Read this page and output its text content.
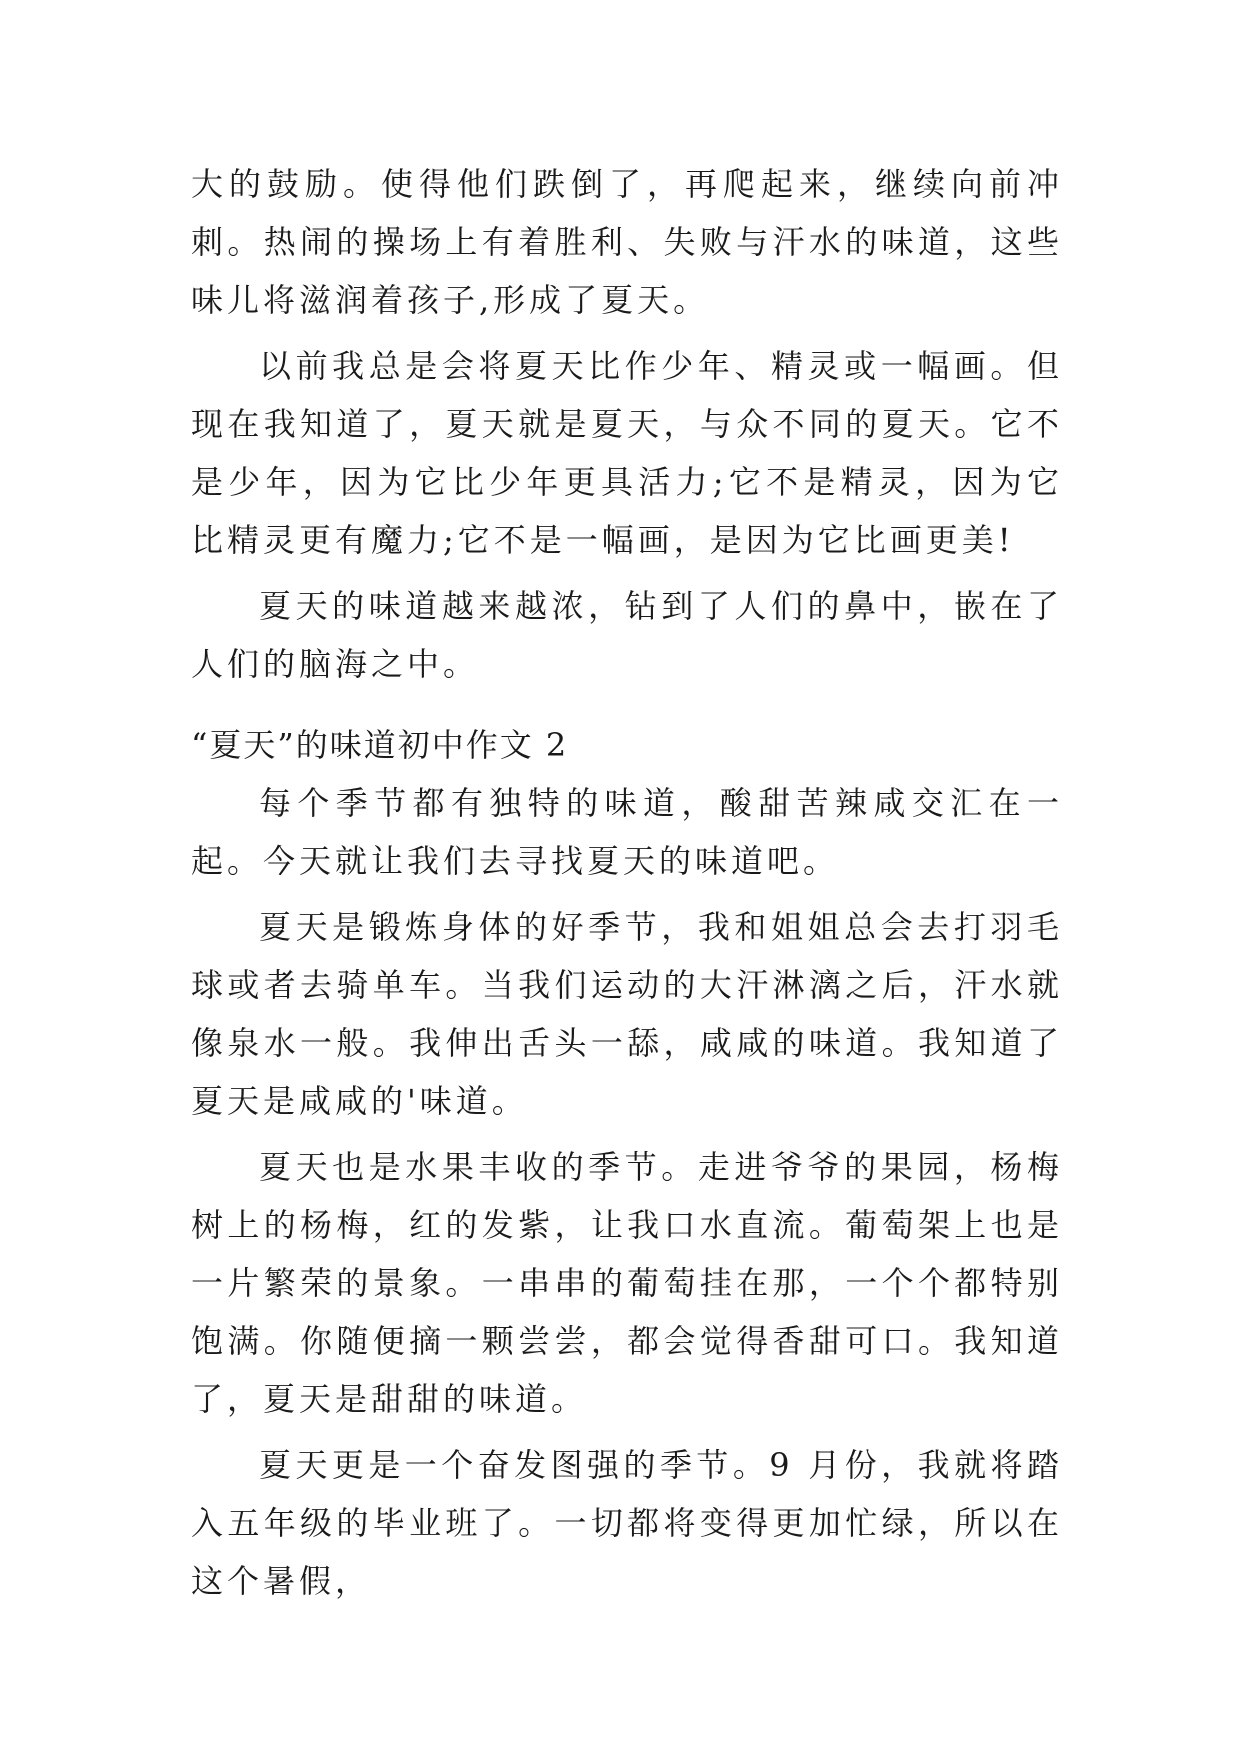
大的鼓励。使得他们跌倒了，再爬起来，继续向前冲刺。热闹的操场上有着胜利、失败与汗水的味道，这些味儿将滋润着孩子,形成了夏天。

以前我总是会将夏天比作少年、精灵或一幅画。但现在我知道了，夏天就是夏天，与众不同的夏天。它不是少年，因为它比少年更具活力;它不是精灵，因为它比精灵更有魔力;它不是一幅画，是因为它比画更美!

夏天的味道越来越浓，钻到了人们的鼻中，嵌在了人们的脑海之中。

“夏天”的味道初中作文 2

每个季节都有独特的味道，酸甜苦辣咸交汇在一起。今天就让我们去寻找夏天的味道吧。

夏天是锻炼身体的好季节，我和姐姐总会去打羽毛球或者去骑单车。当我们运动的大汗淋漓之后，汗水就像泉水一般。我伸出舌头一舔，咸咸的味道。我知道了夏天是咸咸的'味道。

夏天也是水果丰收的季节。走进爷爷的果园，杨梅树上的杨梅，红的发紫，让我口水直流。葡萄架上也是一片繁荣的景象。一串串的葡萄挂在那，一个个都特别饱满。你随便摘一颗尝尝，都会觉得香甜可口。我知道了，夏天是甜甜的味道。

夏天更是一个奋发图强的季节。9 月份，我就将踏入五年级的毕业班了。一切都将变得更加忙绿，所以在这个暑假，
